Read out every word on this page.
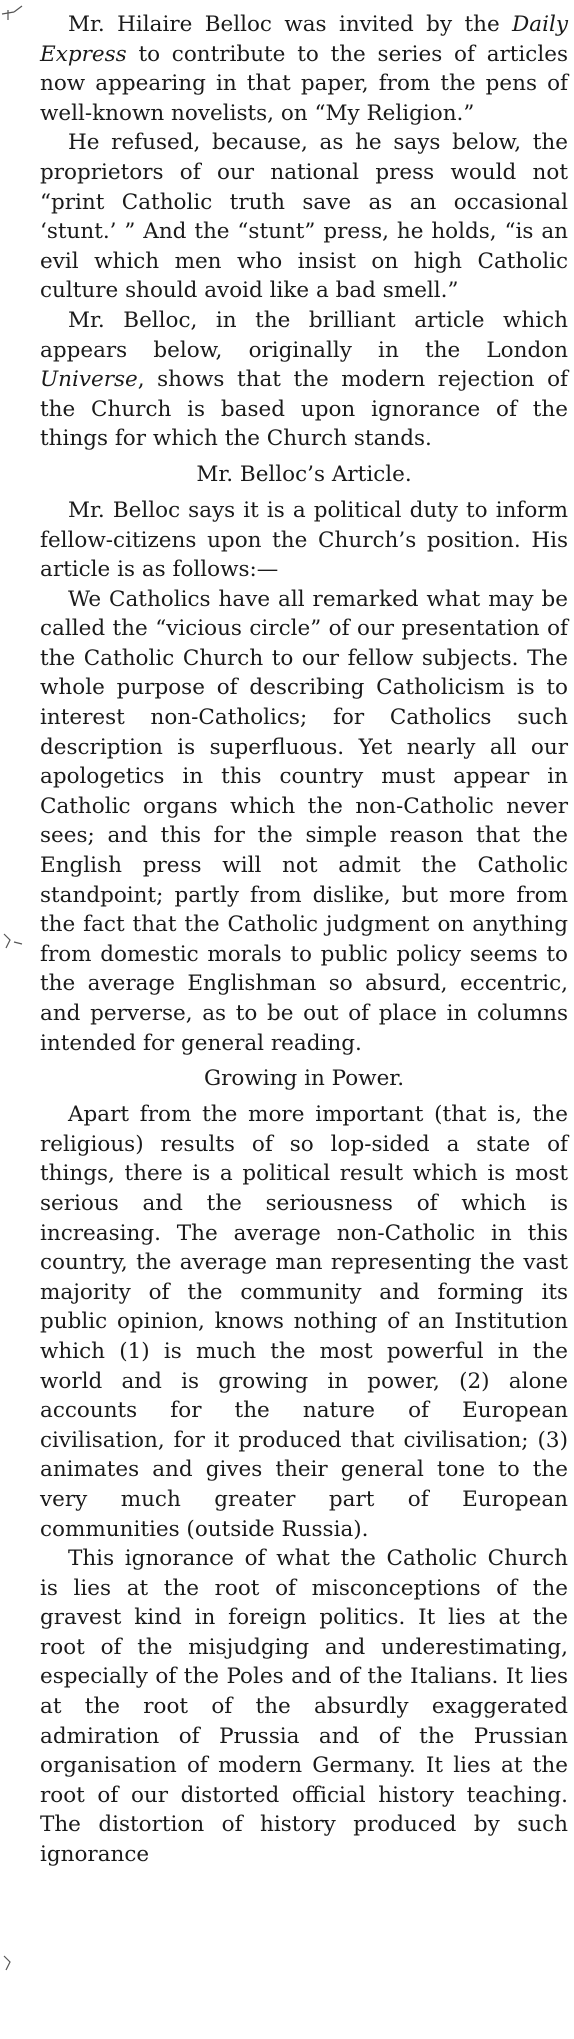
Mr. Hilaire Belloc was invited by the Daily Express to contribute to the series of articles now appearing in that paper, from the pens of well-known novelists, on “My Religion.”

He refused, because, as he says below, the proprietors of our national press would not “print Catholic truth save as an occasional ‘stunt.’ ” And the “stunt” press, he holds, “is an evil which men who insist on high Catholic culture should avoid like a bad smell.”

Mr. Belloc, in the brilliant article which appears below, originally in the London Universe, shows that the modern rejection of the Church is based upon ignorance of the things for which the Church stands.

Mr. Belloc’s Article.

Mr. Belloc says it is a political duty to inform fellow-citizens upon the Church’s position. His article is as follows:—

We Catholics have all remarked what may be called the “vicious circle” of our presentation of the Catholic Church to our fellow subjects. The whole purpose of describing Catholicism is to interest non-Catholics; for Catholics such description is superfluous. Yet nearly all our apologetics in this country must appear in Catholic organs which the non-Catholic never sees; and this for the simple reason that the English press will not admit the Catholic standpoint; partly from dislike, but more from the fact that the Catholic judgment on anything from domestic morals to public policy seems to the average Englishman so absurd, eccentric, and perverse, as to be out of place in columns intended for general reading.

Growing in Power.

Apart from the more important (that is, the religious) results of so lop-sided a state of things, there is a political result which is most serious and the seriousness of which is increasing. The average non-Catholic in this country, the average man representing the vast majority of the community and forming its public opinion, knows nothing of an Institution which (1) is much the most powerful in the world and is growing in power, (2) alone accounts for the nature of European civilisation, for it produced that civilisation; (3) animates and gives their general tone to the very much greater part of European communities (outside Russia).

This ignorance of what the Catholic Church is lies at the root of misconceptions of the gravest kind in foreign politics. It lies at the root of the misjudging and underestimating, especially of the Poles and of the Italians. It lies at the root of the absurdly exaggerated admiration of Prussia and of the Prussian organisation of modern Germany. It lies at the root of our distorted official history teaching. The distortion of history produced by such ignorance
